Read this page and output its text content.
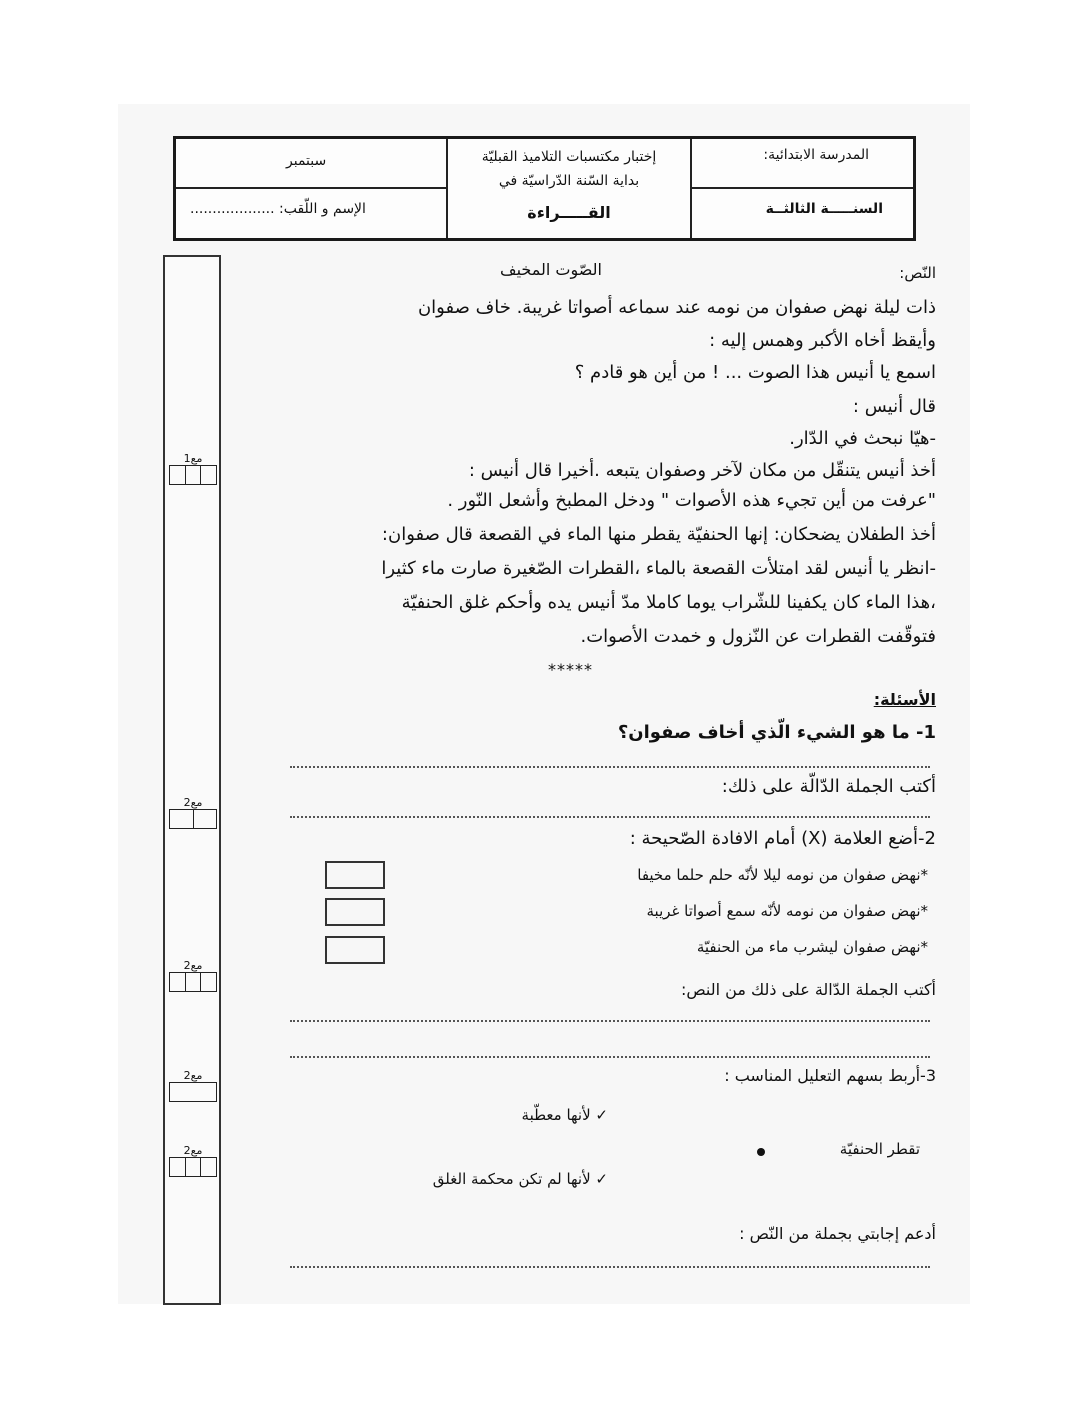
سبتمبر
الإسم و اللّقب: ...................
إختبار مكتسبات التلاميذ القبليّة
بداية السّنة الدّراسيّة في
القـــــراءة
المدرسة الابتدائية:
السنـــــة الثالثــة
مع1
مع2
مع2
مع2
مع2
النّص:
الصّوت المخيف
ذات ليلة نهض صفوان من نومه عند سماعه أصواتا غريبة. خاف صفوان
وأيقظ أخاه الأكبر وهمس إليه :
اسمع يا أنيس هذا الصوت ... ! من أين هو قادم ؟
قال أنيس :
-هيّا نبحث في الدّار.
أخذ أنيس يتنقّل من مكان لآخر وصفوان يتبعه .أخيرا قال أنيس :
"عرفت من أين تجيء هذه الأصوات " ودخل المطبخ وأشعل النّور .
أخذ الطفلان يضحكان: إنها الحنفيّة يقطر منها الماء في القصعة قال صفوان:
-انظر يا أنيس لقد امتلأت القصعة بالماء ،القطرات الصّغيرة صارت ماء كثيرا
،هذا الماء كان يكفينا للشّراب يوما كاملا مدّ أنيس يده وأحكم غلق الحنفيّة
فتوقّفت القطرات عن النّزول و خمدت الأصوات.
*****
الأسئلة:
1- ما هو الشيء الّذي أخاف صفوان؟
أكتب الجملة الدّالّة على ذلك:
2-أضع العلامة (X) أمام الافادة الصّحيحة :
*نهض صفوان من نومه ليلا لأنّه حلم حلما مخيفا
*نهض صفوان من نومه لأنّه سمع أصواتا غريبة
*نهض صفوان ليشرب ماء من الحنفيّة
أكتب الجملة الدّالة على ذلك من النص:
3-أربط بسهم التعليل المناسب :
✓ لأنها معطّبة
تقطر الحنفيّة
✓ لأنها لم تكن محكمة الغلق
أدعم إجابتي بجملة من النّص :
